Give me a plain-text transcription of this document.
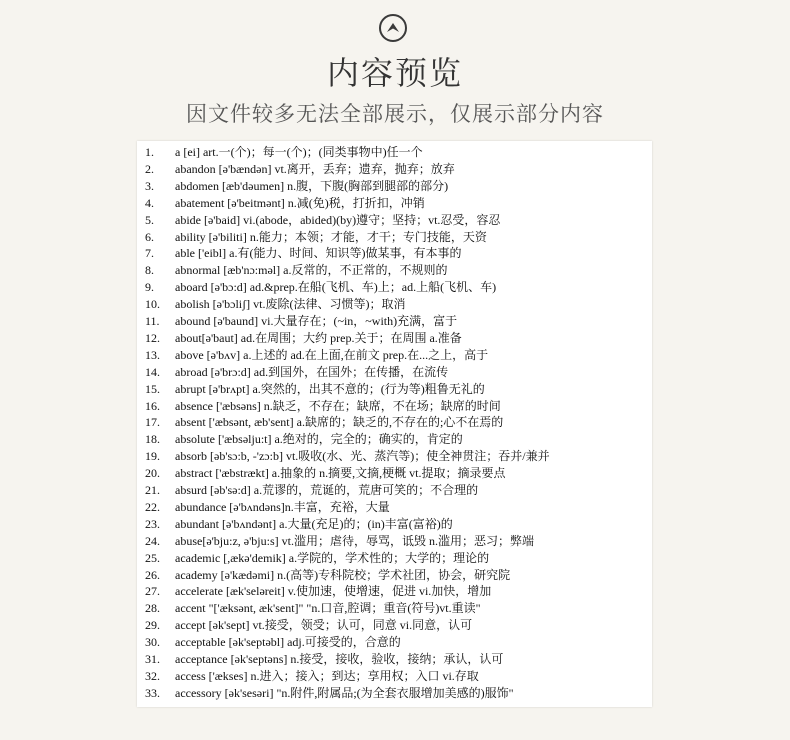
内容预览
因文件较多无法全部展示，仅展示部分内容
1. a [ei] art.一(个)；每一(个)；(同类事物中)任一个
2. abandon [ə'bændən] vt.离开，丢弃；遗弃，抛弃；放弃
3. abdomen [æb'dəumen] n.腹，下腹(胸部到腿部的部分)
4. abatement [ə'beitmənt] n.减(免)税，打折扣，冲销
5. abide [ə'baid] vi.(abode，abided)(by)遵守；坚持；vt.忍受，容忍
6. ability [ə'biliti] n.能力；本领；才能，才干；专门技能，天资
7. able ['eibl] a.有(能力、时间、知识等)做某事，有本事的
8. abnormal [æb'nɔ:məl] a.反常的，不正常的，不规则的
9. aboard [ə'bɔ:d] ad.&prep.在船(飞机、车)上；ad.上船(飞机、车)
10. abolish [ə'bɔliʃ] vt.废除(法律、习惯等)；取消
11. abound [ə'baund] vi.大量存在；(~in，~with)充满，富于
12. about[ə'baut] ad.在周围；大约 prep.关于；在周围 a.准备
13. above [ə'bʌv] a.上述的 ad.在上面,在前文 prep.在...之上，高于
14. abroad [ə'brɔ:d] ad.到国外，在国外；在传播，在流传
15. abrupt [ə'brʌpt] a.突然的，出其不意的；(行为等)粗鲁无礼的
16. absence ['æbsəns] n.缺乏，不存在；缺席，不在场；缺席的时间
17. absent ['æbsənt, æb'sent] a.缺席的；缺乏的,不存在的;心不在焉的
18. absolute ['æbsəlju:t] a.绝对的，完全的；确实的，肯定的
19. absorb [əb'sɔ:b, -'zɔ:b] vt.吸收(水、光、蒸汽等)；使全神贯注；吞并/兼并
20. abstract ['æbstrækt] a.抽象的 n.摘要,文摘,梗概 vt.提取；摘录要点
21. absurd [əb'sə:d] a.荒谬的，荒诞的，荒唐可笑的；不合理的
22. abundance [ə'bʌndəns]n.丰富，充裕，大量
23. abundant [ə'bʌndənt] a.大量(充足)的；(in)丰富(富裕)的
24. abuse[ə'bju:z, ə'bju:s] vt.滥用；虐待，辱骂，诋毁 n.滥用；恶习；弊端
25. academic [,ækə'demik] a.学院的，学术性的；大学的；理论的
26. academy [ə'kædəmi] n.(高等)专科院校；学术社团，协会，研究院
27. accelerate [æk'seləreit] v.使加速，使增速，促进 vi.加快，增加
28. accent "['æksənt, æk'sent]" "n.口音,腔调；重音(符号)vt.重读"
29. accept [ək'sept] vt.接受，领受；认可，同意 vi.同意，认可
30. acceptable [ək'septəbl] adj.可接受的，合意的
31. acceptance [ək'septəns] n.接受，接收，验收，接纳；承认，认可
32. access ['ækses] n.进入；接入；到达；享用权；入口 vi.存取
33. accessory [ək'sesəri] "n.附件,附属品;(为全套衣服增加美感的)服饰"
